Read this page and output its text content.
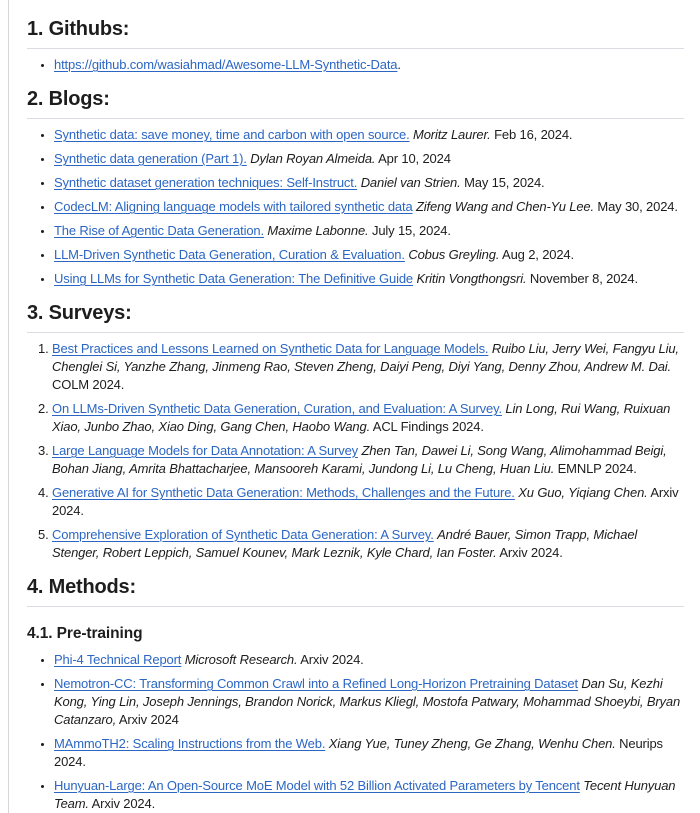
1. Githubs:
• https://github.com/wasiahmad/Awesome-LLM-Synthetic-Data.
2. Blogs:
• Synthetic data: save money, time and carbon with open source. Moritz Laurer. Feb 16, 2024.
• Synthetic data generation (Part 1). Dylan Royan Almeida. Apr 10, 2024
• Synthetic dataset generation techniques: Self-Instruct. Daniel van Strien. May 15, 2024.
• CodecLM: Aligning language models with tailored synthetic data Zifeng Wang and Chen-Yu Lee. May 30, 2024.
• The Rise of Agentic Data Generation. Maxime Labonne. July 15, 2024.
• LLM-Driven Synthetic Data Generation, Curation & Evaluation. Cobus Greyling. Aug 2, 2024.
• Using LLMs for Synthetic Data Generation: The Definitive Guide Kritin Vongthongsri. November 8, 2024.
3. Surveys:
1. Best Practices and Lessons Learned on Synthetic Data for Language Models. Ruibo Liu, Jerry Wei, Fangyu Liu, Chenglei Si, Yanzhe Zhang, Jinmeng Rao, Steven Zheng, Daiyi Peng, Diyi Yang, Denny Zhou, Andrew M. Dai. COLM 2024.
2. On LLMs-Driven Synthetic Data Generation, Curation, and Evaluation: A Survey. Lin Long, Rui Wang, Ruixuan Xiao, Junbo Zhao, Xiao Ding, Gang Chen, Haobo Wang. ACL Findings 2024.
3. Large Language Models for Data Annotation: A Survey Zhen Tan, Dawei Li, Song Wang, Alimohammad Beigi, Bohan Jiang, Amrita Bhattacharjee, Mansooreh Karami, Jundong Li, Lu Cheng, Huan Liu. EMNLP 2024.
4. Generative AI for Synthetic Data Generation: Methods, Challenges and the Future. Xu Guo, Yiqiang Chen. Arxiv 2024.
5. Comprehensive Exploration of Synthetic Data Generation: A Survey. André Bauer, Simon Trapp, Michael Stenger, Robert Leppich, Samuel Kounev, Mark Leznik, Kyle Chard, Ian Foster. Arxiv 2024.
4. Methods:
4.1. Pre-training
• Phi-4 Technical Report Microsoft Research. Arxiv 2024.
• Nemotron-CC: Transforming Common Crawl into a Refined Long-Horizon Pretraining Dataset Dan Su, Kezhi Kong, Ying Lin, Joseph Jennings, Brandon Norick, Markus Kliegl, Mostofa Patwary, Mohammad Shoeybi, Bryan Catanzaro, Arxiv 2024
• MAmmoTH2: Scaling Instructions from the Web. Xiang Yue, Tuney Zheng, Ge Zhang, Wenhu Chen. Neurips 2024.
• Hunyuan-Large: An Open-Source MoE Model with 52 Billion Activated Parameters by Tencent Tecent Hunyuan Team. Arxiv 2024.
